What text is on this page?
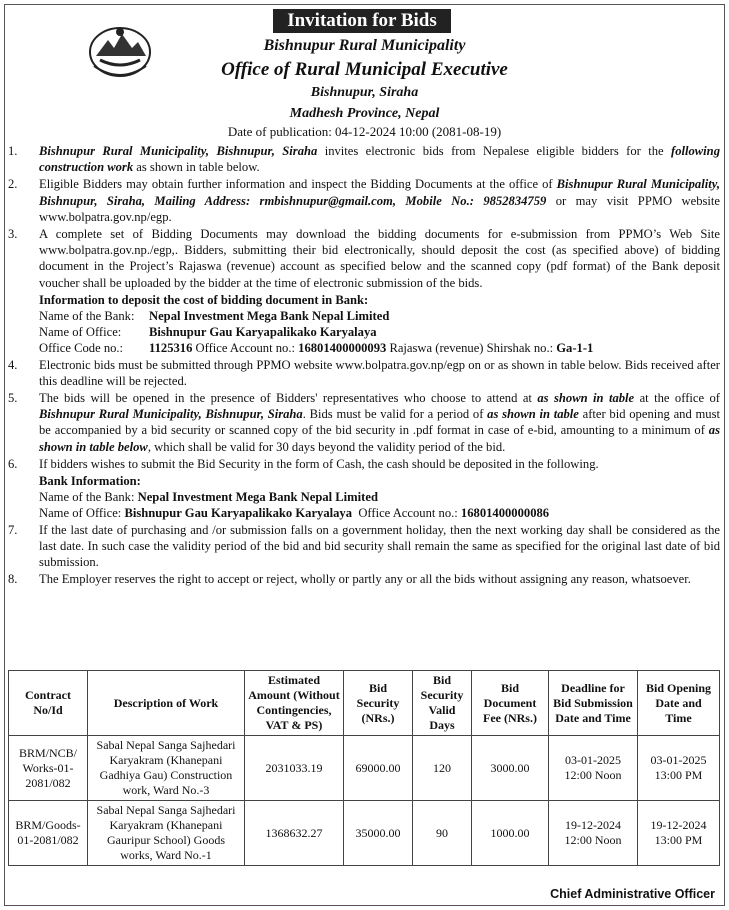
Invitation for Bids
Bishnupur Rural Municipality
Office of Rural Municipal Executive
Bishnupur, Siraha
Madhesh Province, Nepal
Date of publication: 04-12-2024 10:00 (2081-08-19)
1.	Bishnupur Rural Municipality, Bishnupur, Siraha invites electronic bids from Nepalese eligible bidders for the following construction work as shown in table below.
2.	Eligible Bidders may obtain further information and inspect the Bidding Documents at the office of Bishnupur Rural Municipality, Bishnupur, Siraha, Mailing Address: rmbishnupur@gmail.com, Mobile No.: 9852834759 or may visit PPMO website www.bolpatra.gov.np/egp.
3.	A complete set of Bidding Documents may download the bidding documents for e-submission from PPMO’s Web Site www.bolpatra.gov.np./egp,. Bidders, submitting their bid electronically, should deposit the cost (as specified above) of bidding document in the Project’s Rajaswa (revenue) account as specified below and the scanned copy (pdf format) of the Bank deposit voucher shall be uploaded by the bidder at the time of electronic submission of the bids.
Information to deposit the cost of bidding document in Bank:
Name of the Bank:	Nepal Investment Mega Bank Nepal Limited
Name of Office:	Bishnupur Gau Karyapalikako Karyalaya
Office Code no.:	1125316 Office Account no.: 16801400000093 Rajaswa (revenue) Shirshak no.: Ga-1-1
4.	Electronic bids must be submitted through PPMO website www.bolpatra.gov.np/egp on or as shown in table below. Bids received after this deadline will be rejected.
5.	The bids will be opened in the presence of Bidders' representatives who choose to attend at as shown in table at the office of Bishnupur Rural Municipality, Bishnupur, Siraha. Bids must be valid for a period of as shown in table after bid opening and must be accompanied by a bid security or scanned copy of the bid security in .pdf format in case of e-bid, amounting to a minimum of as shown in table below, which shall be valid for 30 days beyond the validity period of the bid.
6.	If bidders wishes to submit the Bid Security in the form of Cash, the cash should be deposited in the following.
Bank Information:
Name of the Bank: Nepal Investment Mega Bank Nepal Limited
Name of Office: Bishnupur Gau Karyapalikako Karyalaya  Office Account no.: 16801400000086
7.	If the last date of purchasing and /or submission falls on a government holiday, then the next working day shall be considered as the last date. In such case the validity period of the bid and bid security shall remain the same as specified for the original last date of bid submission.
8.	The Employer reserves the right to accept or reject, wholly or partly any or all the bids without assigning any reason, whatsoever.
Contract No/Id	Description of Work	Estimated Amount (Without Contingencies, VAT & PS)	Bid Security (NRs.)	Bid Security Valid Days	Bid Document Fee (NRs.)	Deadline for Bid Submission Date and Time	Bid Opening Date and Time
BRM/NCB/ Works-01- 2081/082	Sabal Nepal Sanga Sajhedari Karyakram (Khanepani Gadhiya Gau) Construction work, Ward No.-3	2031033.19	69000.00	120	3000.00	03-01-2025 12:00 Noon	03-01-2025 13:00 PM
BRM/Goods- 01-2081/082	Sabal Nepal Sanga Sajhedari Karyakram (Khanepani Gauripur School) Goods works, Ward No.-1	1368632.27	35000.00	90	1000.00	19-12-2024 12:00 Noon	19-12-2024 13:00 PM
Chief Administrative Officer
